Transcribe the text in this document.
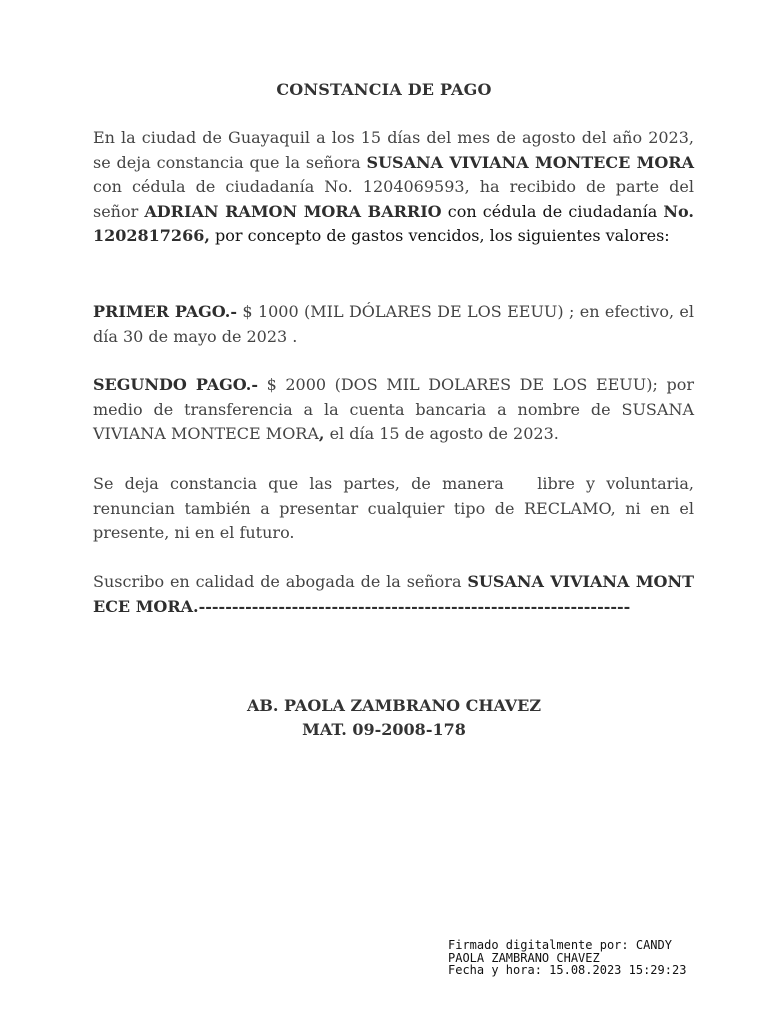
CONSTANCIA DE PAGO
En la ciudad de Guayaquil a los 15 días del mes de agosto del año 2023, se deja constancia que la señora SUSANA VIVIANA MONTECE MORA con cédula de ciudadanía No. 1204069593, ha recibido de parte del señor ADRIAN RAMON MORA BARRIO con cédula de ciudadanía No. 1202817266, por concepto de gastos vencidos, los siguientes valores:
PRIMER PAGO.- $ 1000 (MIL DÓLARES DE LOS EEUU) ; en efectivo, el día 30 de mayo de 2023 .
SEGUNDO PAGO.- $ 2000 (DOS MIL DOLARES DE LOS EEUU); por medio de transferencia a la cuenta bancaria a nombre de SUSANA VIVIANA MONTECE MORA, el día 15 de agosto de 2023.
Se deja constancia que las partes, de manera   libre y voluntaria, renuncian también a presentar cualquier tipo de RECLAMO, ni en el presente, ni en el futuro.
Suscribo en calidad de abogada de la señora SUSANA VIVIANA MONTECE MORA.-----------------------------------------------------------------
AB. PAOLA ZAMBRANO CHAVEZ
MAT. 09-2008-178
Firmado digitalmente por: CANDY
PAOLA ZAMBRANO CHAVEZ
Fecha y hora: 15.08.2023 15:29:23
